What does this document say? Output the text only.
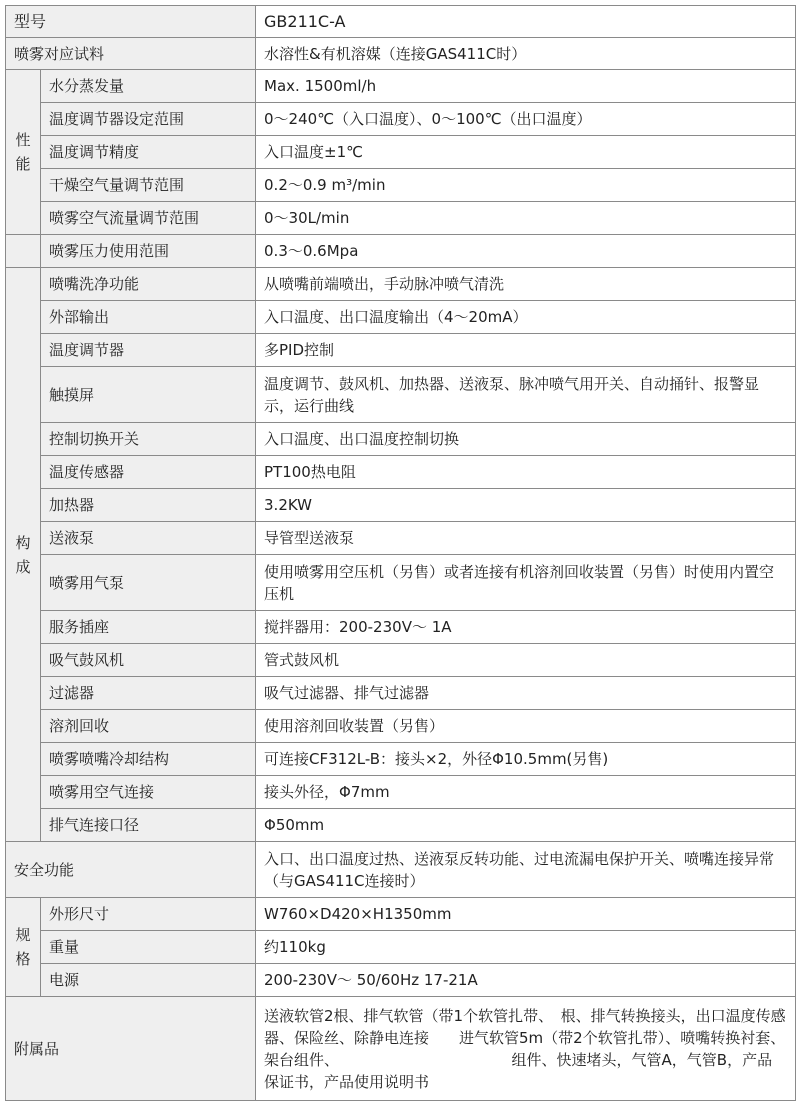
型号		GB211C-A
喷雾对应试料		水溶性&有机溶媒（连接GAS411C时）
性能	水分蒸发量	Max. 1500ml/h
	温度调节器设定范围	0～240℃（入口温度）、0～100℃（出口温度）
	温度调节精度	入口温度±1℃
	干燥空气量调节范围	0.2～0.9 m³/min
	喷雾空气流量调节范围	0～30L/min
	喷雾压力使用范围	0.3～0.6Mpa
构成	喷嘴洗净功能	从喷嘴前端喷出，手动脉冲喷气清洗
	外部输出	入口温度、出口温度输出（4～20mA）
	温度调节器	多PID控制
	触摸屏	温度调节、鼓风机、加热器、送液泵、脉冲喷气用开关、自动捅针、报警显示，运行曲线
	控制切换开关	入口温度、出口温度控制切换
	温度传感器	PT100热电阻
	加热器	3.2KW
	送液泵	导管型送液泵
	喷雾用气泵	使用喷雾用空压机（另售）或者连接有机溶剂回收装置（另售）时使用内置空压机
	服务插座	搅拌器用：200-230V～ 1A
	吸气鼓风机	管式鼓风机
	过滤器	吸气过滤器、排气过滤器
	溶剂回收	使用溶剂回收装置（另售）
	喷雾喷嘴冷却结构	可连接CF312L-B：接头×2，外径Φ10.5mm(另售)
	喷雾用空气连接	接头外径，Φ7mm
	排气连接口径	Φ50mm
安全功能		入口、出口温度过热、送液泵反转功能、过电流漏电保护开关、喷嘴连接异常（与GAS411C连接时）
规格	外形尺寸	W760×D420×H1350mm
	重量	约110kg
	电源	200-230V～ 50/60Hz 17-21A
附属品		送液软管2根、排气软管（带1个软管扎带、　根、排气转换接头，出口温度传感器、保险丝、除静电连接　　进气软管5m（带2个软管扎带）、喷嘴转换衬套、架台组件、　　　　　　　　　　　　组件、快速堵头，气管A，气管B，产品保证书，产品使用说明书
